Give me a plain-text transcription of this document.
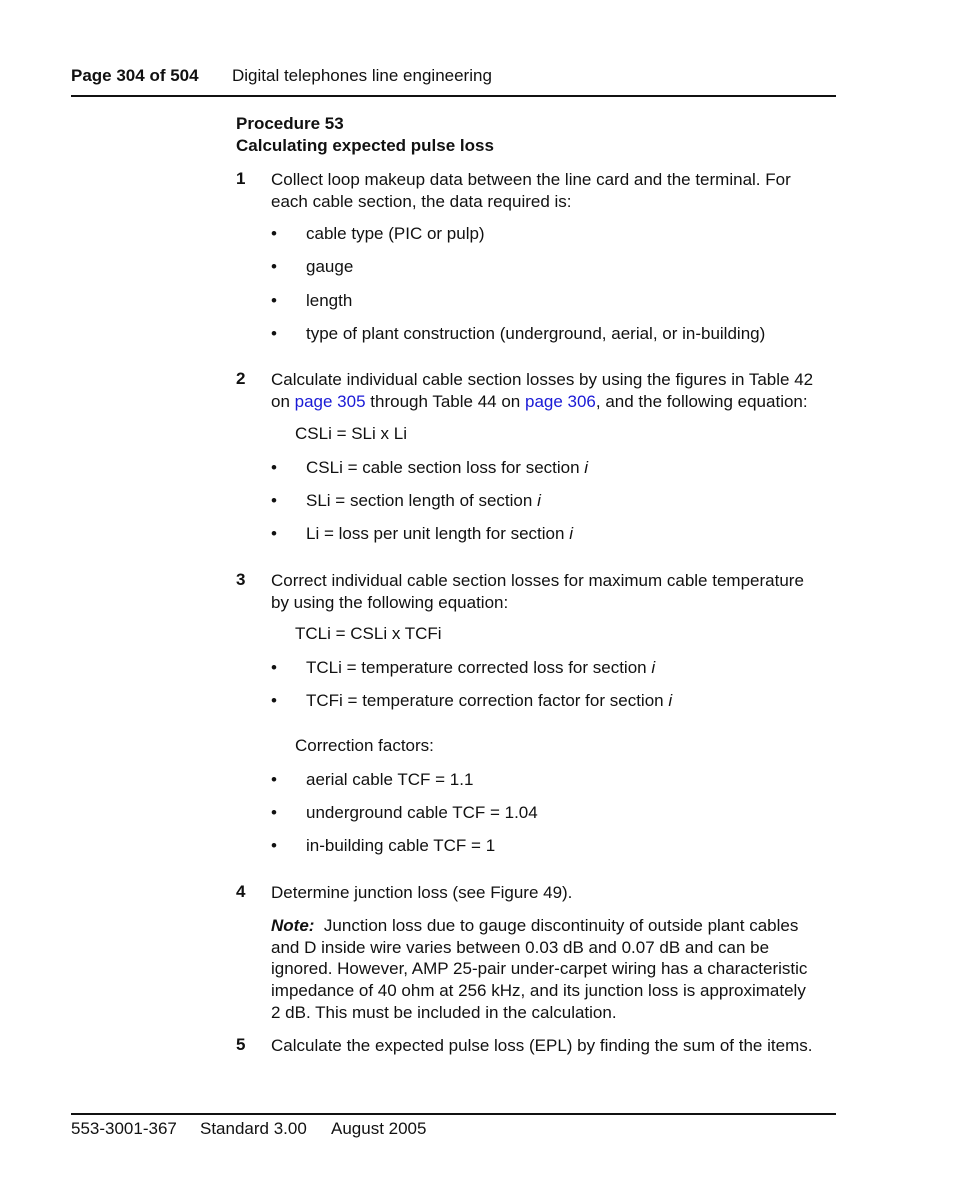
Page 304 of 504 Digital telephones line engineering
Procedure 53
Calculating expected pulse loss
1 Collect loop makeup data between the line card and the terminal. For
each cable section, the data required is:
• cable type (PIC or pulp)
• gauge
• length
• type of plant construction (underground, aerial, or in-building)
2 Calculate individual cable section losses by using the figures in Table 42
on page 305 through Table 44 on page 306, and the following equation:
CSLi = SLi x Li
• CSLi = cable section loss for section i
• SLi = section length of section i
• Li = loss per unit length for section i
3 Correct individual cable section losses for maximum cable temperature
by using the following equation:
TCLi = CSLi x TCFi
• TCLi = temperature corrected loss for section i
• TCFi = temperature correction factor for section i
Correction factors:
• aerial cable TCF = 1.1
• underground cable TCF = 1.04
• in-building cable TCF = 1
4 Determine junction loss (see Figure 49).
Note: Junction loss due to gauge discontinuity of outside plant cables
and D inside wire varies between 0.03 dB and 0.07 dB and can be
ignored. However, AMP 25-pair under-carpet wiring has a characteristic
impedance of 40 ohm at 256 kHz, and its junction loss is approximately
2 dB. This must be included in the calculation.
5 Calculate the expected pulse loss (EPL) by finding the sum of the items.
553-3001-367 Standard 3.00 August 2005
